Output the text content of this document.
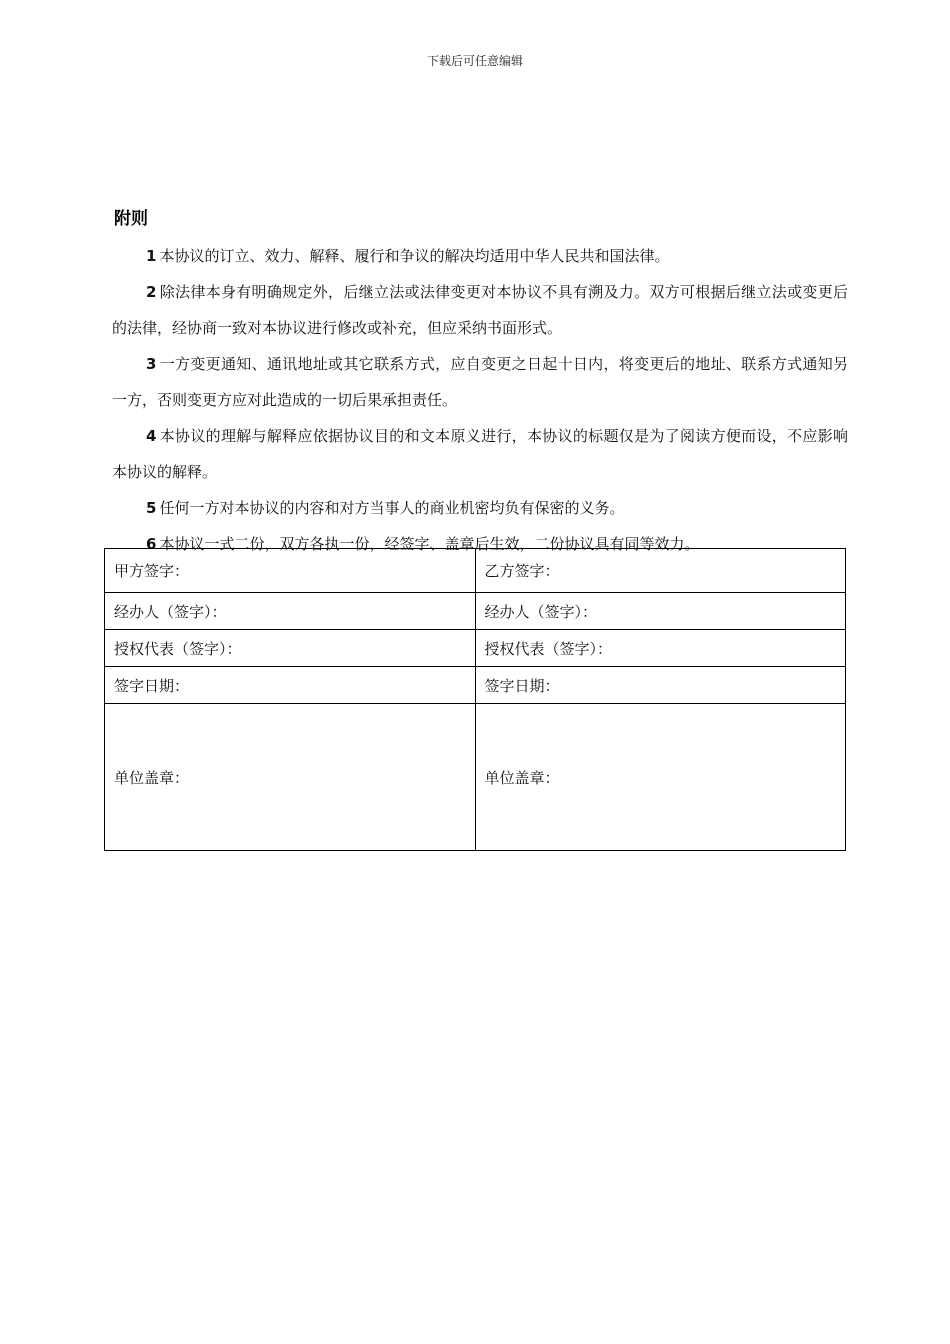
下载后可任意编辑
附则

1 本协议的订立、效力、解释、履行和争议的解决均适用中华人民共和国法律。

2 除法律本身有明确规定外，后继立法或法律变更对本协议不具有溯及力。双方可根据后继立法或变更后的法律，经协商一致对本协议进行修改或补充，但应采纳书面形式。

3 一方变更通知、通讯地址或其它联系方式，应自变更之日起十日内，将变更后的地址、联系方式通知另一方，否则变更方应对此造成的一切后果承担责任。

4 本协议的理解与解释应依据协议目的和文本原义进行，本协议的标题仅是为了阅读方便而设，不应影响本协议的解释。

5 任何一方对本协议的内容和对方当事人的商业机密均负有保密的义务。

6 本协议一式二份，双方各执一份，经签字、盖章后生效，二份协议具有同等效力。

甲方签字：	乙方签字：
经办人（签字）：	经办人（签字）：
授权代表（签字）：	授权代表（签字）：
签字日期：	签字日期：
单位盖章：	单位盖章：
